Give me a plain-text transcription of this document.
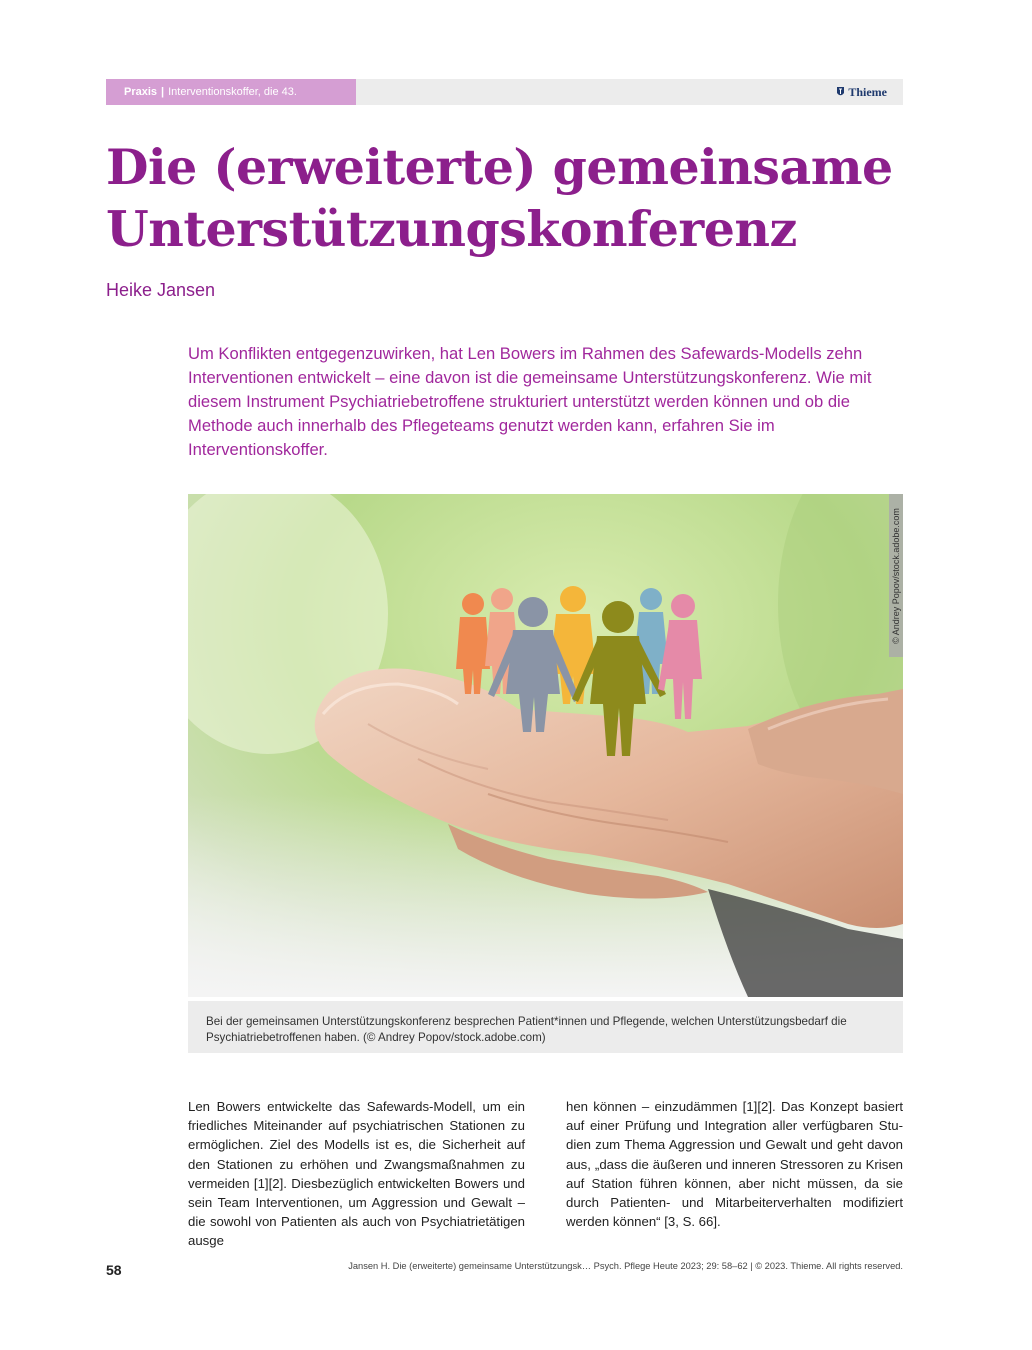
Praxis | Interventionskoffer, die 43.	Thieme
Die (erweiterte) gemeinsame
Unterstützungskonferenz
Heike Jansen

Um Konflikten entgegenzuwirken, hat Len Bowers im Rahmen des Safewards-Modells zehn Interventionen entwickelt – eine davon ist die gemeinsame Unterstützungskonferenz. Wie mit diesem Instrument Psychiatriebetroffene strukturiert unterstützt werden können und ob die Methode auch innerhalb des Pflegeteams genutzt werden kann, erfahren Sie im Interventionskoffer.

© Andrey Popov/stock.adobe.com
Bei der gemeinsamen Unterstützungskonferenz besprechen Patient*innen und Pflegende, welchen Unterstützungsbedarf die Psychiatriebetroffenen haben. (© Andrey Popov/stock.adobe.com)

Len Bowers entwickelte das Safewards-Modell, um ein friedliches Miteinander auf psychiatrischen Stationen zu ermöglichen. Ziel des Modells ist es, die Sicherheit auf den Stationen zu erhöhen und Zwangsmaßnahmen zu vermeiden [1][2]. Diesbezüglich entwickelten Bowers und sein Team Interventionen, um Aggression und Gewalt – die sowohl von Patienten als auch von Psychiatrietätigen ausge

hen können – einzudämmen [1][2]. Das Konzept basiert auf einer Prüfung und Integration aller verfügbaren Studien zum Thema Aggression und Gewalt und geht davon aus, „dass die äußeren und inneren Stressoren zu Krisen auf Station führen können, aber nicht müssen, da sie durch Patienten- und Mitarbeiterverhalten modifiziert werden können“ [3, S. 66].

58	Jansen H. Die (erweiterte) gemeinsame Unterstützungsk… Psych. Pflege Heute 2023; 29: 58–62 | © 2023. Thieme. All rights reserved.
